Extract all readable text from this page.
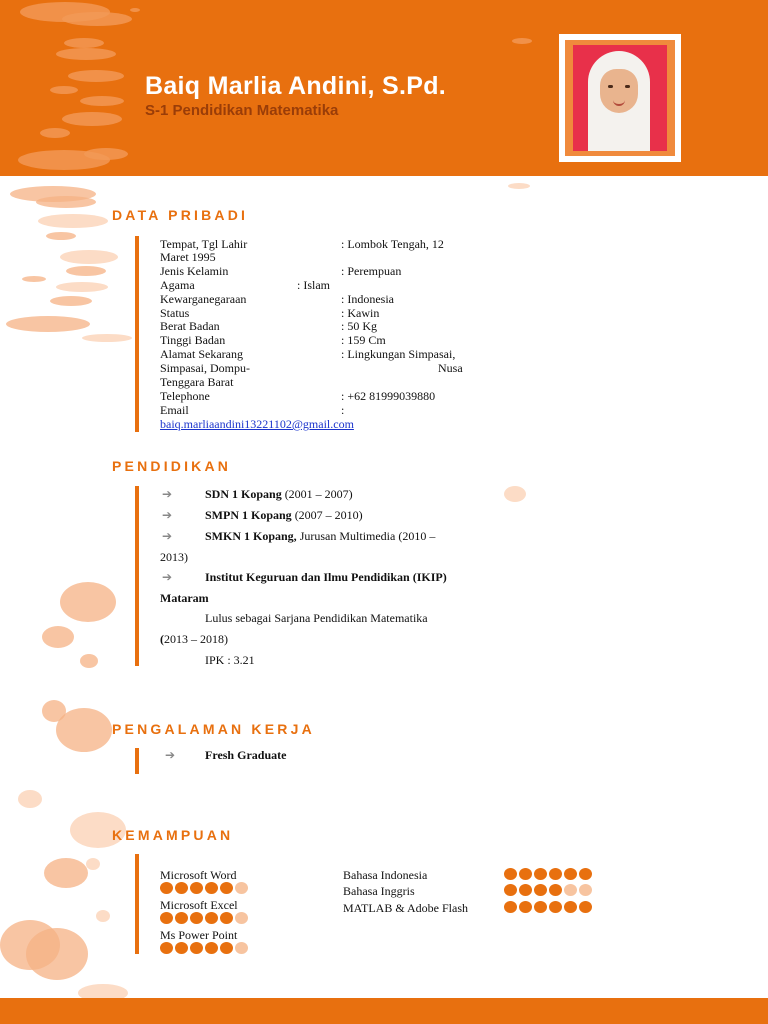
Baiq Marlia Andini, S.Pd.
S-1 Pendidikan Matematika
DATA PRIBADI
Tempat, Tgl Lahir	: Lombok Tengah, 12
Maret 1995
Jenis Kelamin	: Perempuan
Agama	: Islam
Kewarganegaraan	: Indonesia
Status	: Kawin
Berat Badan	: 50 Kg
Tinggi Badan	: 159 Cm
Alamat Sekarang	: Lingkungan Simpasai,
Simpasai, Dompu-	Nusa
Tenggara Barat
Telephone	: +62 81999039880
Email	:
baiq.marliaandini13221102@gmail.com
PENDIDIKAN
➔	SDN 1 Kopang (2001 – 2007)
➔	SMPN 1 Kopang (2007 – 2010)
➔	SMKN 1 Kopang, Jurusan Multimedia (2010 –
2013)
➔	Institut Keguruan dan Ilmu Pendidikan (IKIP)
Mataram
Lulus sebagai Sarjana Pendidikan Matematika
(2013 – 2018)
IPK : 3.21
PENGALAMAN KERJA
➔ Fresh Graduate
KEMAMPUAN
Microsoft Word
Microsoft Excel
Ms Power Point
Bahasa Indonesia
Bahasa Inggris
MATLAB & Adobe Flash
